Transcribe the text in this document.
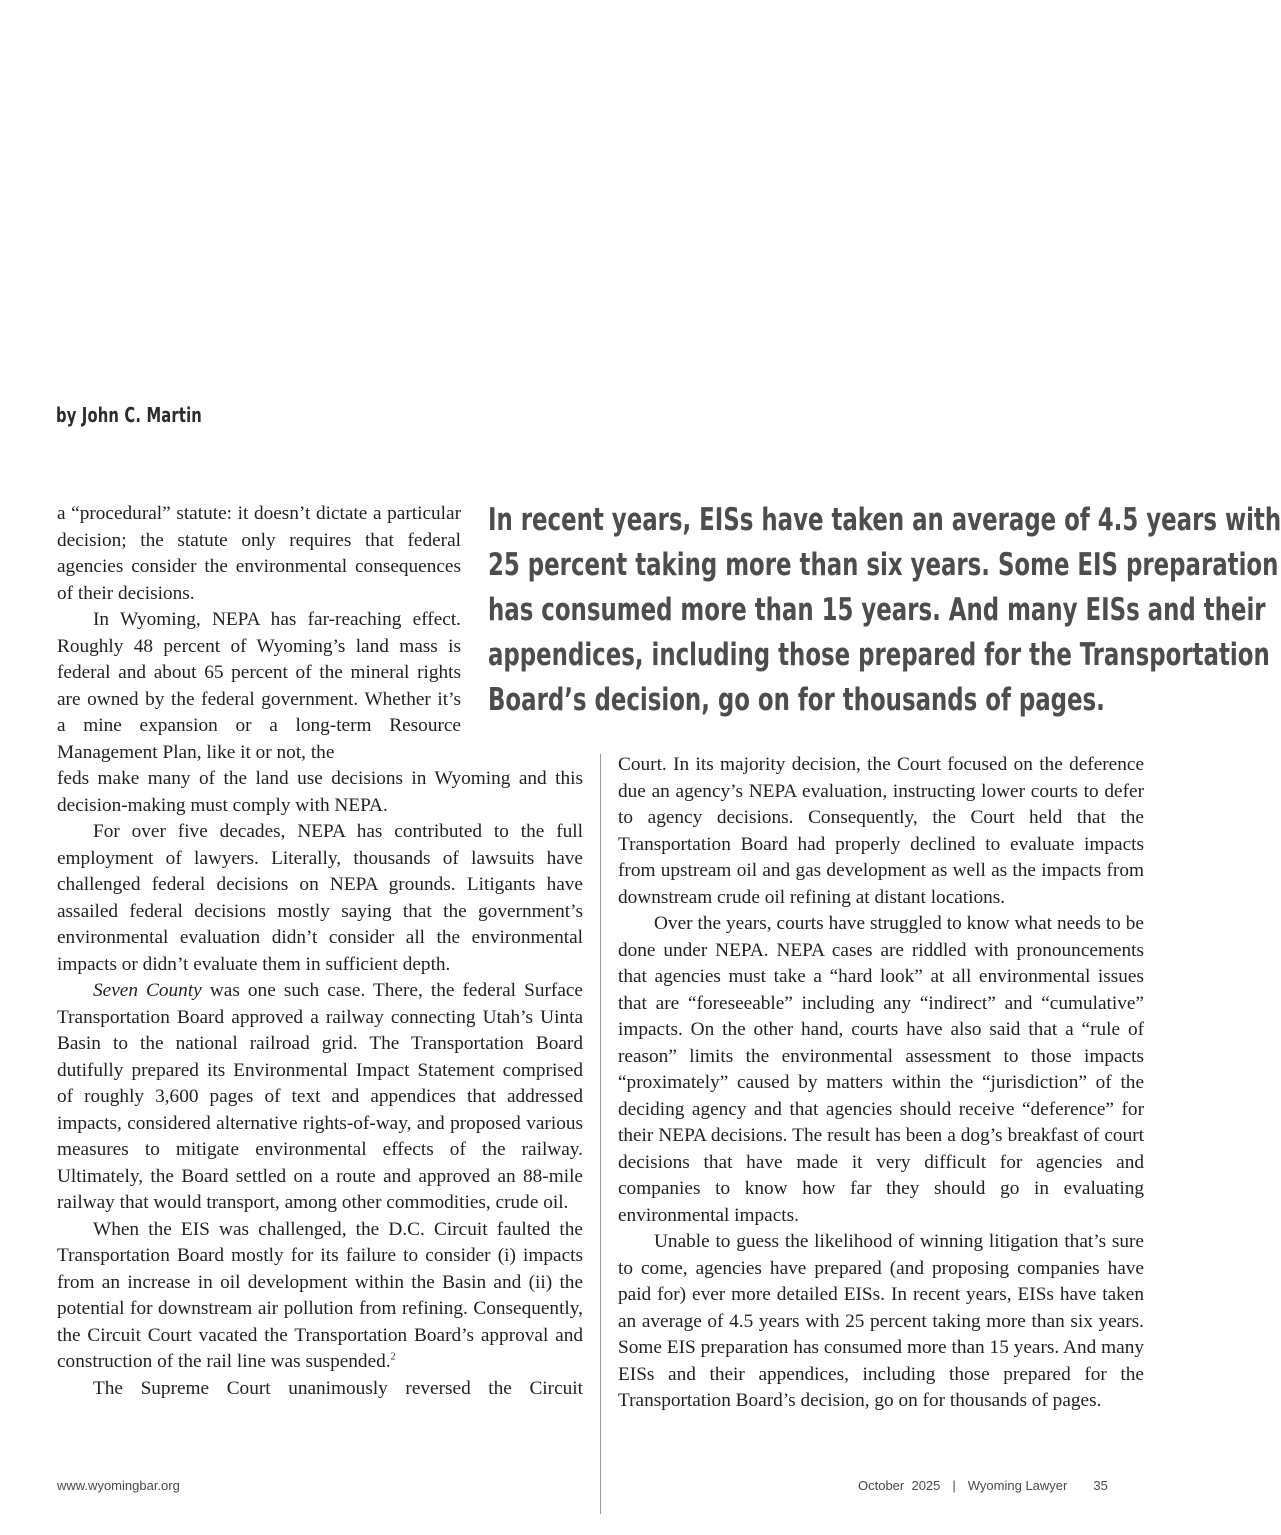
by John C. Martin
In recent years, EISs have taken an average of 4.5 years with
25 percent taking more than six years. Some EIS preparation
has consumed more than 15 years. And many EISs and their
appendices, including those prepared for the Transportation
Board’s decision, go on for thousands of pages.

a “procedural” statute: it doesn’t dictate a particular decision; the statute only requires that federal agencies consider the environmental consequences of their decisions.

In Wyoming, NEPA has far-reaching effect. Roughly 48 percent of Wyoming’s land mass is federal and about 65 percent of the mineral rights are owned by the federal government. Whether it’s a mine expansion or a long-term Resource Management Plan, like it or not, the

feds make many of the land use decisions in Wyoming and this decision-making must comply with NEPA.

For over five decades, NEPA has contributed to the full employment of lawyers. Literally, thousands of lawsuits have challenged federal decisions on NEPA grounds. Litigants have assailed federal decisions mostly saying that the government’s environmental evaluation didn’t consider all the environmental impacts or didn’t evaluate them in sufficient depth.

Seven County was one such case. There, the federal Surface Transportation Board approved a railway connecting Utah’s Uinta Basin to the national railroad grid. The Transportation Board dutifully prepared its Environmental Impact Statement comprised of roughly 3,600 pages of text and appendices that addressed impacts, considered alternative rights-of-way, and proposed various measures to mitigate environmental effects of the railway. Ultimately, the Board settled on a route and approved an 88-mile railway that would transport, among other commodities, crude oil.

When the EIS was challenged, the D.C. Circuit faulted the Transportation Board mostly for its failure to consider (i) impacts from an increase in oil development within the Basin and (ii) the potential for downstream air pollution from refining. Consequently, the Circuit Court vacated the Transportation Board’s approval and construction of the rail line was suspended.$^2$

The Supreme Court unanimously reversed the Circuit

Court. In its majority decision, the Court focused on the deference due an agency’s NEPA evaluation, instructing lower courts to defer to agency decisions. Consequently, the Court held that the Transportation Board had properly declined to evaluate impacts from upstream oil and gas development as well as the impacts from downstream crude oil refining at distant locations.

Over the years, courts have struggled to know what needs to be done under NEPA. NEPA cases are riddled with pronouncements that agencies must take a “hard look” at all environmental issues that are “foreseeable” including any “indirect” and “cumulative” impacts. On the other hand, courts have also said that a “rule of reason” limits the environmental assessment to those impacts “proximately” caused by matters within the “jurisdiction” of the deciding agency and that agencies should receive “deference” for their NEPA decisions. The result has been a dog’s breakfast of court decisions that have made it very difficult for agencies and companies to know how far they should go in evaluating environmental impacts.

Unable to guess the likelihood of winning litigation that’s sure to come, agencies have prepared (and proposing companies have paid for) ever more detailed EISs. In recent years, EISs have taken an average of 4.5 years with 25 percent taking more than six years. Some EIS preparation has consumed more than 15 years. And many EISs and their appendices, including those prepared for the Transportation Board’s decision, go on for thousands of pages.

www.wyomingbar.org	October  2025 | Wyoming Lawyer 35
